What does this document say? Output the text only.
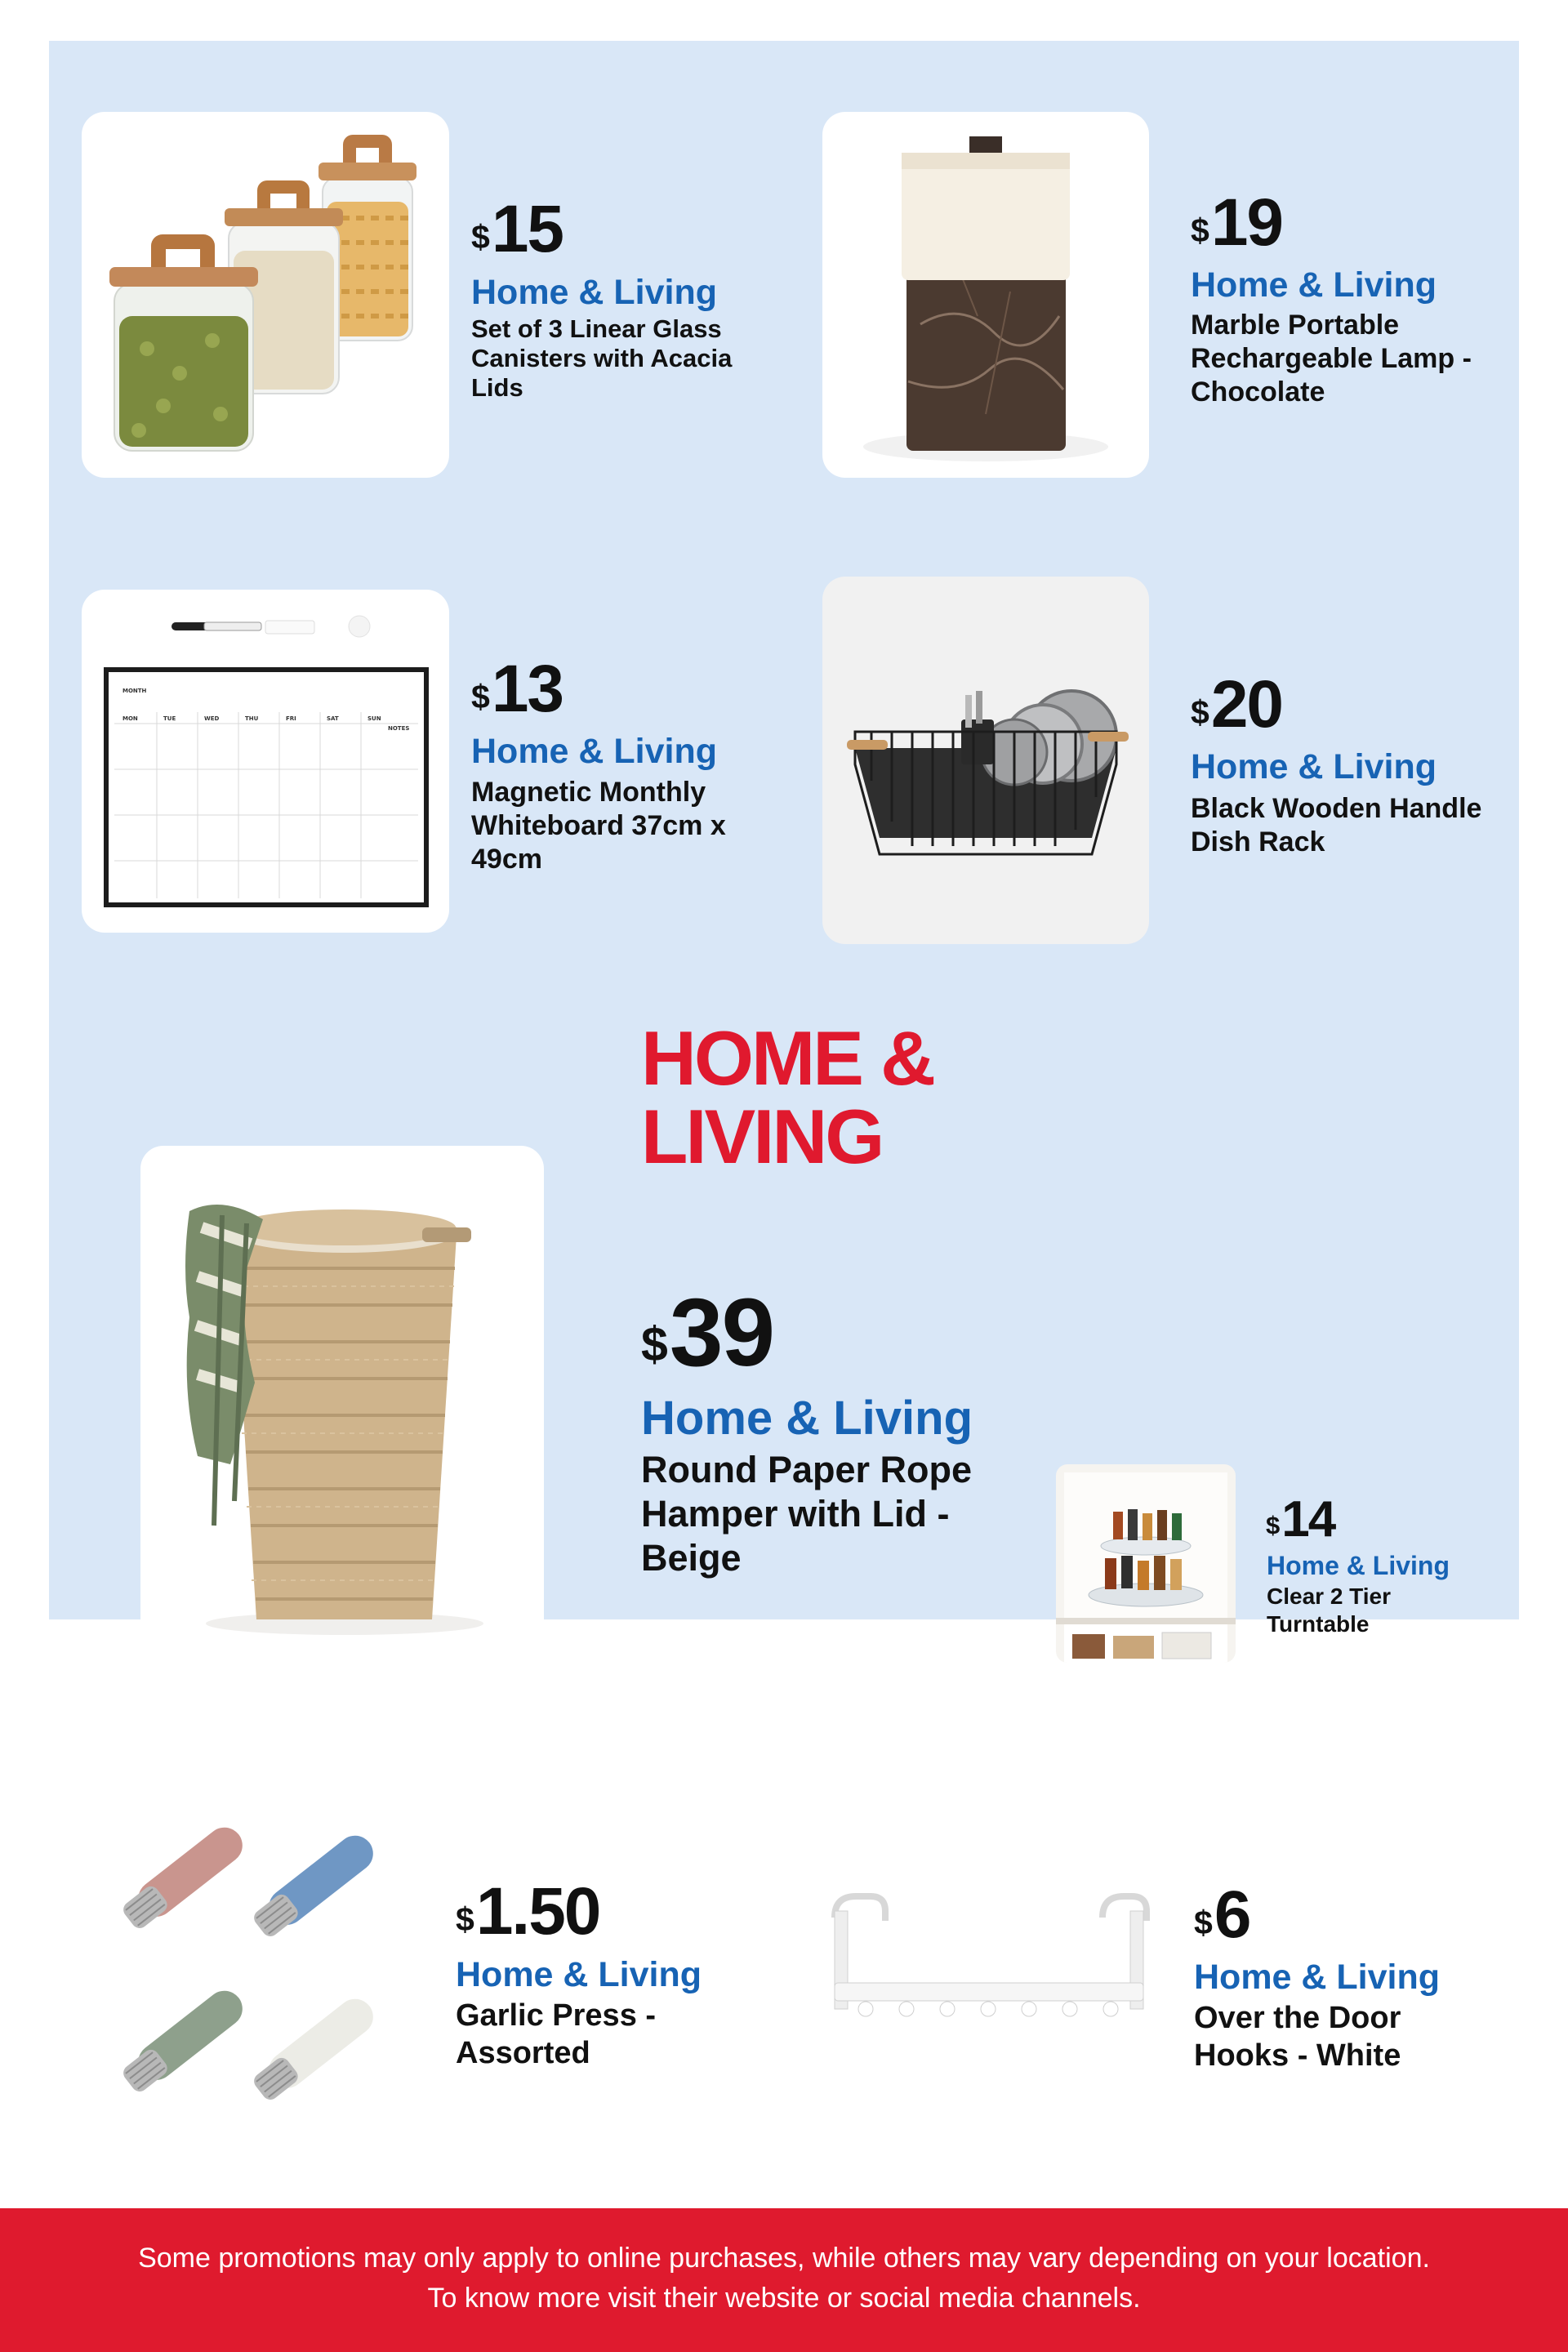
$15
Home & Living
Set of 3 Linear Glass Canisters with Acacia Lids
$19
Home & Living
Marble Portable Rechargeable Lamp - Chocolate
MONTH
MON	TUE	WED	THU	FRI	SAT	SUN
NOTES
$13
Home & Living
Magnetic Monthly Whiteboard 37cm x 49cm
$20
Home & Living
Black Wooden Handle Dish Rack
HOME & LIVING
$39
Home & Living
Round Paper Rope Hamper with Lid - Beige
$14
Home & Living
Clear 2 Tier Turntable
$1.50
Home & Living
Garlic Press - Assorted
$6
Home & Living
Over the Door Hooks - White
Some promotions may only apply to online purchases, while others may vary depending on your location. To know more visit their website or social media channels.
